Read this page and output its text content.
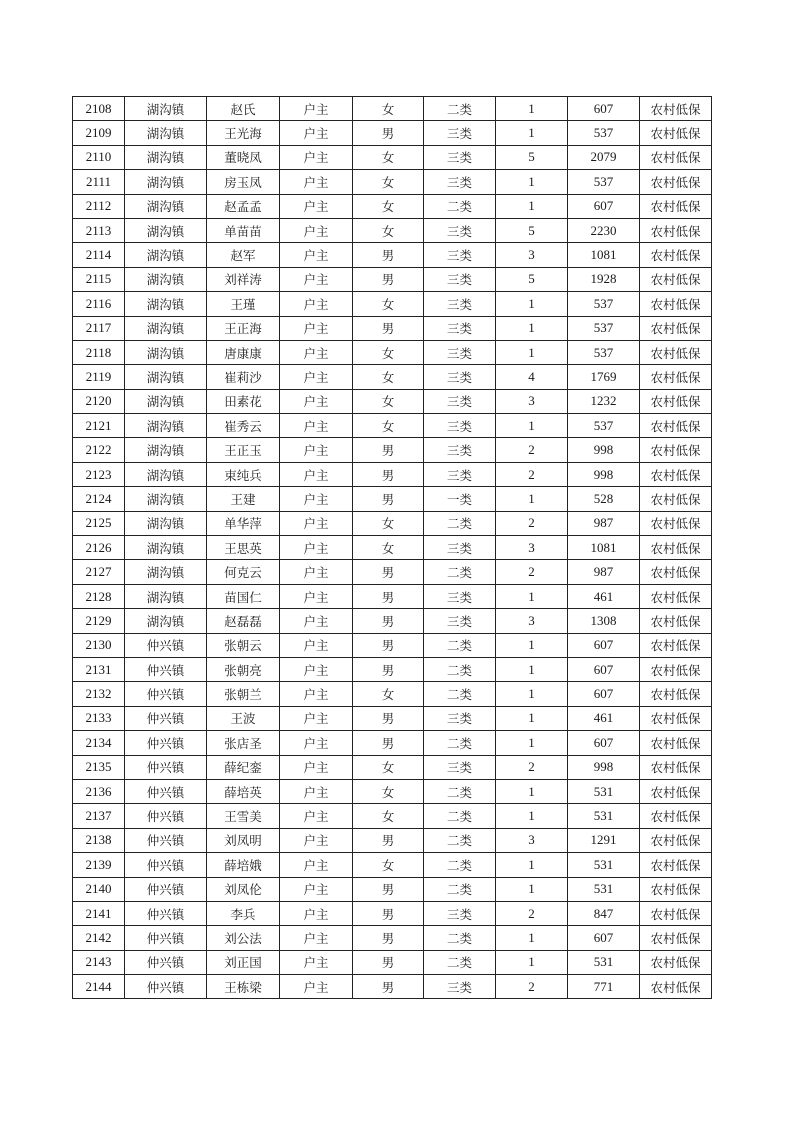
2108	湖沟镇	赵氏	户主	女	二类	1	607	农村低保
2109	湖沟镇	王光海	户主	男	三类	1	537	农村低保
2110	湖沟镇	董晓凤	户主	女	三类	5	2079	农村低保
2111	湖沟镇	房玉凤	户主	女	三类	1	537	农村低保
2112	湖沟镇	赵孟孟	户主	女	二类	1	607	农村低保
2113	湖沟镇	单苗苗	户主	女	三类	5	2230	农村低保
2114	湖沟镇	赵军	户主	男	三类	3	1081	农村低保
2115	湖沟镇	刘祥涛	户主	男	三类	5	1928	农村低保
2116	湖沟镇	王瑾	户主	女	三类	1	537	农村低保
2117	湖沟镇	王正海	户主	男	三类	1	537	农村低保
2118	湖沟镇	唐康康	户主	女	三类	1	537	农村低保
2119	湖沟镇	崔莉沙	户主	女	三类	4	1769	农村低保
2120	湖沟镇	田素花	户主	女	三类	3	1232	农村低保
2121	湖沟镇	崔秀云	户主	女	三类	1	537	农村低保
2122	湖沟镇	王正玉	户主	男	三类	2	998	农村低保
2123	湖沟镇	束纯兵	户主	男	三类	2	998	农村低保
2124	湖沟镇	王建	户主	男	一类	1	528	农村低保
2125	湖沟镇	单华萍	户主	女	二类	2	987	农村低保
2126	湖沟镇	王思英	户主	女	三类	3	1081	农村低保
2127	湖沟镇	何克云	户主	男	二类	2	987	农村低保
2128	湖沟镇	苗国仁	户主	男	三类	1	461	农村低保
2129	湖沟镇	赵磊磊	户主	男	三类	3	1308	农村低保
2130	仲兴镇	张朝云	户主	男	二类	1	607	农村低保
2131	仲兴镇	张朝亮	户主	男	二类	1	607	农村低保
2132	仲兴镇	张朝兰	户主	女	二类	1	607	农村低保
2133	仲兴镇	王波	户主	男	三类	1	461	农村低保
2134	仲兴镇	张店圣	户主	男	二类	1	607	农村低保
2135	仲兴镇	薛纪銮	户主	女	三类	2	998	农村低保
2136	仲兴镇	薛培英	户主	女	二类	1	531	农村低保
2137	仲兴镇	王雪美	户主	女	二类	1	531	农村低保
2138	仲兴镇	刘凤明	户主	男	二类	3	1291	农村低保
2139	仲兴镇	薛培娥	户主	女	二类	1	531	农村低保
2140	仲兴镇	刘凤伦	户主	男	二类	1	531	农村低保
2141	仲兴镇	李兵	户主	男	三类	2	847	农村低保
2142	仲兴镇	刘公法	户主	男	二类	1	607	农村低保
2143	仲兴镇	刘正国	户主	男	二类	1	531	农村低保
2144	仲兴镇	王栋梁	户主	男	三类	2	771	农村低保
